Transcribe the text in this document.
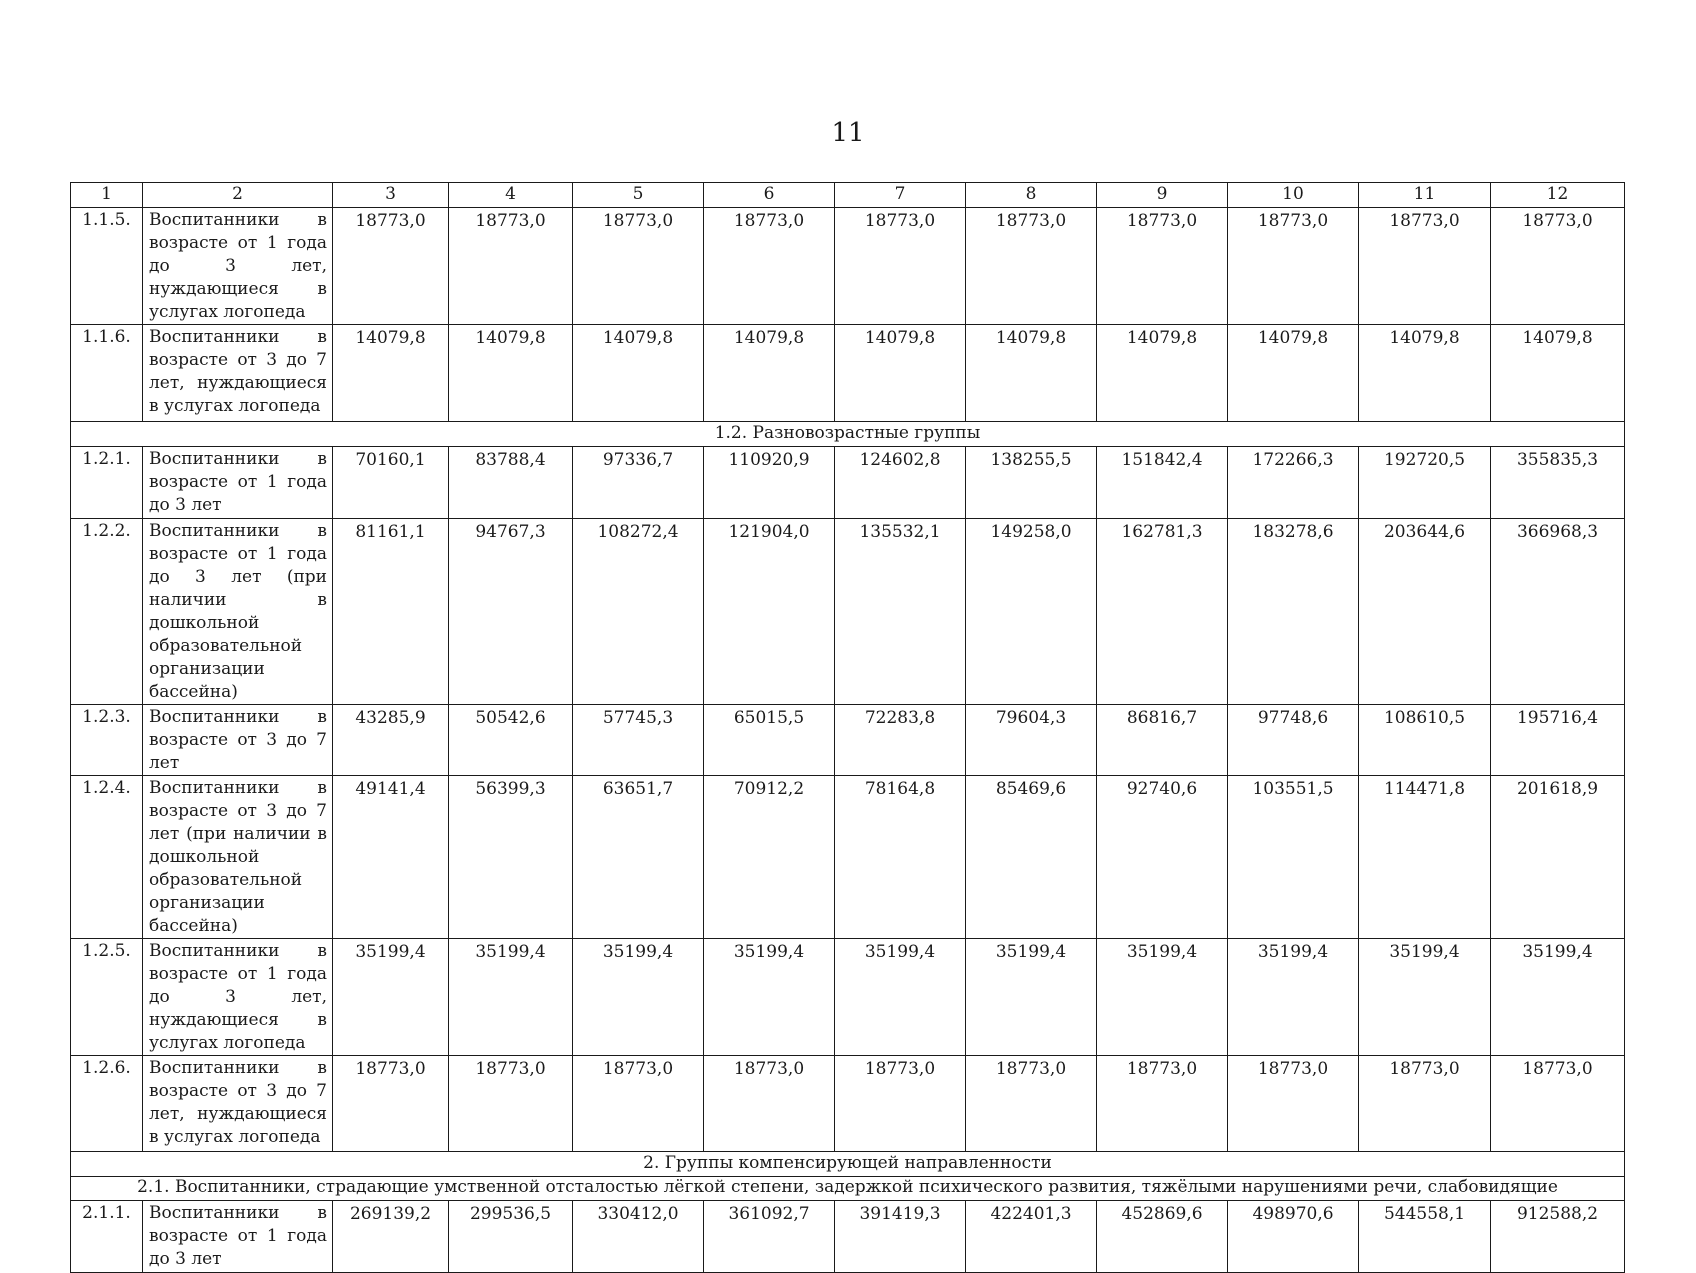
11
1	2	3	4	5	6	7	8	9	10	11	12
1.1.5.	Воспитанники в возрасте от 1 года до 3 лет, нуждающиеся в услугах логопеда	18773,0	18773,0	18773,0	18773,0	18773,0	18773,0	18773,0	18773,0	18773,0	18773,0
1.1.6.	Воспитанники в возрасте от 3 до 7 лет, нуждающиеся в услугах логопеда	14079,8	14079,8	14079,8	14079,8	14079,8	14079,8	14079,8	14079,8	14079,8	14079,8
1.2. Разновозрастные группы											
1.2.1.	Воспитанники в возрасте от 1 года до 3 лет	70160,1	83788,4	97336,7	110920,9	124602,8	138255,5	151842,4	172266,3	192720,5	355835,3
1.2.2.	Воспитанники в возрасте от 1 года до 3 лет (при наличии в дошкольной образовательной организации бассейна)	81161,1	94767,3	108272,4	121904,0	135532,1	149258,0	162781,3	183278,6	203644,6	366968,3
1.2.3.	Воспитанники в возрасте от 3 до 7 лет	43285,9	50542,6	57745,3	65015,5	72283,8	79604,3	86816,7	97748,6	108610,5	195716,4
1.2.4.	Воспитанники в возрасте от 3 до 7 лет (при наличии в дошкольной образовательной организации бассейна)	49141,4	56399,3	63651,7	70912,2	78164,8	85469,6	92740,6	103551,5	114471,8	201618,9
1.2.5.	Воспитанники в возрасте от 1 года до 3 лет, нуждающиеся в услугах логопеда	35199,4	35199,4	35199,4	35199,4	35199,4	35199,4	35199,4	35199,4	35199,4	35199,4
1.2.6.	Воспитанники в возрасте от 3 до 7 лет, нуждающиеся в услугах логопеда	18773,0	18773,0	18773,0	18773,0	18773,0	18773,0	18773,0	18773,0	18773,0	18773,0
2. Группы компенсирующей направленности											
2.1. Воспитанники, страдающие умственной отсталостью лёгкой степени, задержкой психического развития, тяжёлыми нарушениями речи, слабовидящие											
2.1.1.	Воспитанники в возрасте от 1 года до 3 лет	269139,2	299536,5	330412,0	361092,7	391419,3	422401,3	452869,6	498970,6	544558,1	912588,2
